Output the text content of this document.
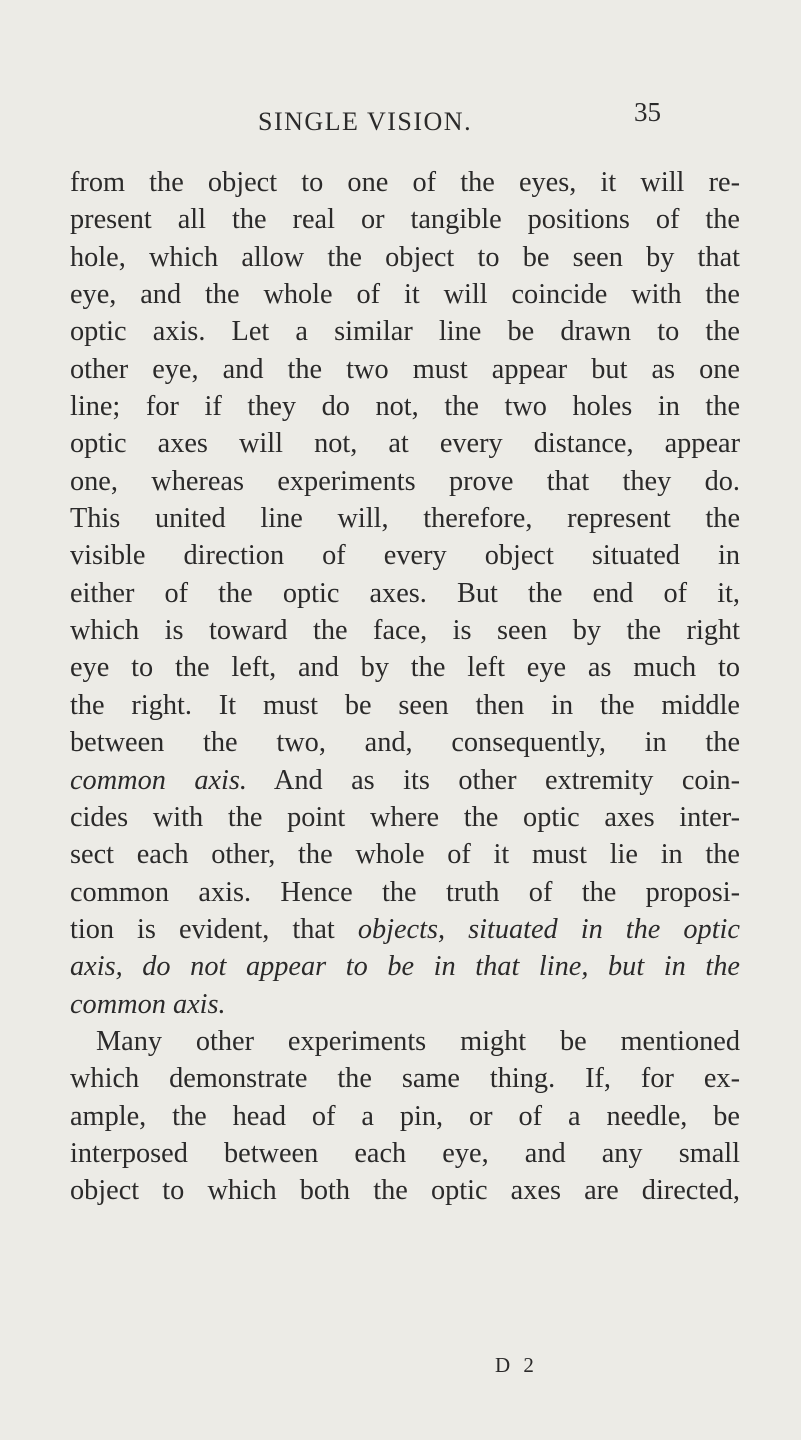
SINGLE VISION.	35
from the object to one of the eyes, it will re-
present all the real or tangible positions of the
hole, which allow the object to be seen by that
eye, and the whole of it will coincide with the
optic axis. Let a similar line be drawn to the
other eye, and the two must appear but as one
line; for if they do not, the two holes in the
optic axes will not, at every distance, appear
one, whereas experiments prove that they do.
This united line will, therefore, represent the
visible direction of every object situated in
either of the optic axes. But the end of it,
which is toward the face, is seen by the right
eye to the left, and by the left eye as much to
the right. It must be seen then in the middle
between the two, and, consequently, in the
common axis. And as its other extremity coin-
cides with the point where the optic axes inter-
sect each other, the whole of it must lie in the
common axis. Hence the truth of the proposi-
tion is evident, that objects, situated in the optic
axis, do not appear to be in that line, but in the
common axis.
Many other experiments might be mentioned
which demonstrate the same thing. If, for ex-
ample, the head of a pin, or of a needle, be
interposed between each eye, and any small
object to which both the optic axes are directed,
D 2
